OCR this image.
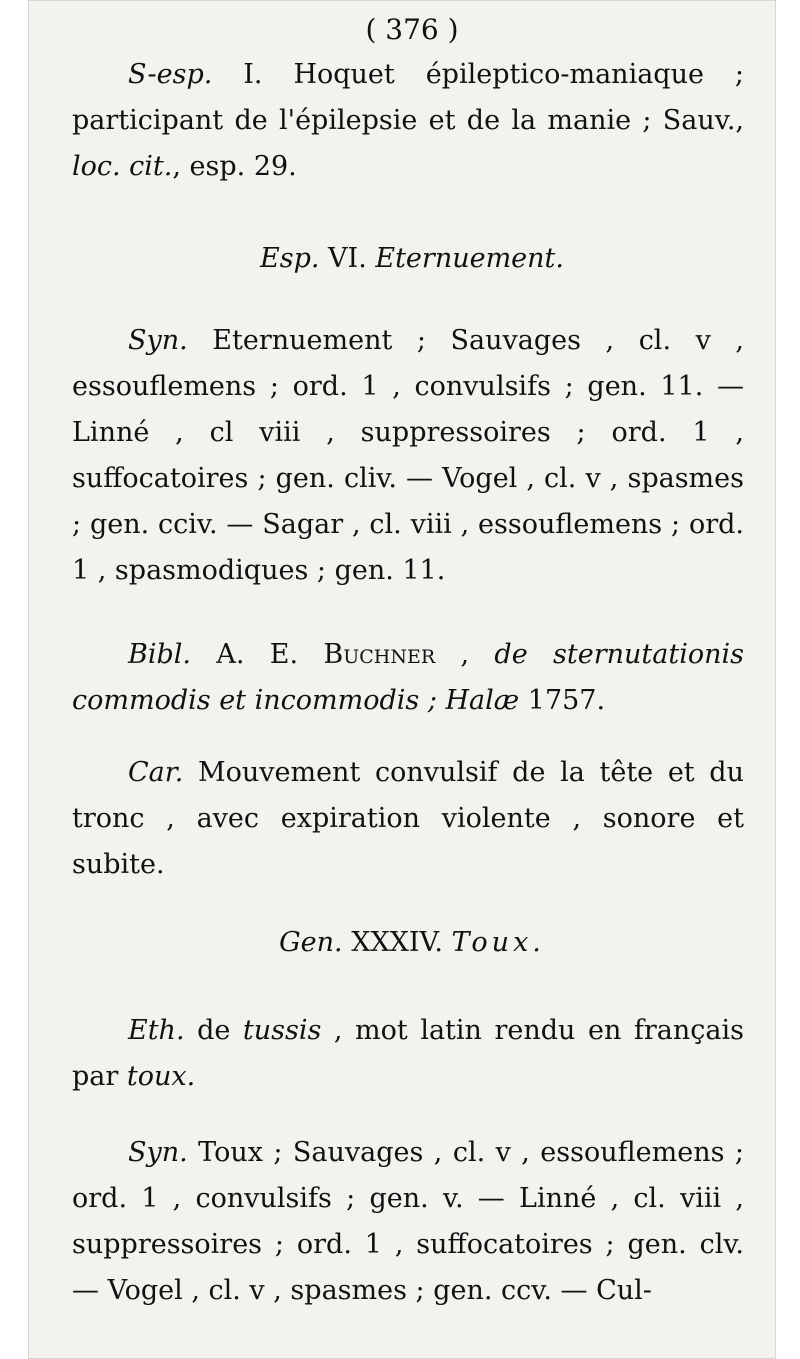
( 376 )
S-esp. I. Hoquet épileptico-maniaque ; participant de l'épilepsie et de la manie ; Sauv., loc. cit., esp. 29.
Esp. VI. Eternuement.
Syn. Eternuement ; Sauvages , cl. v , essouflemens ; ord. 1 , convulsifs ; gen. 11. — Linné , cl viii , suppressoires ; ord. 1 , suffocatoires ; gen. cliv. — Vogel , cl. v , spasmes ; gen. cciv. — Sagar , cl. viii , essouflemens ; ord. 1 , spasmodiques ; gen. 11.
Bibl. A. E. Buchner , de sternutationis commodis et incommodis ; Halæ 1757.
Car. Mouvement convulsif de la tête et du tronc , avec expiration violente , sonore et subite.
Gen. XXXIV. Toux.
Eth. de tussis , mot latin rendu en français par toux.
Syn. Toux ; Sauvages , cl. v , essouflemens ; ord. 1 , convulsifs ; gen. v. — Linné , cl. viii , suppressoires ; ord. 1 , suffocatoires ; gen. clv. — Vogel , cl. v , spasmes ; gen. ccv. — Cul-
